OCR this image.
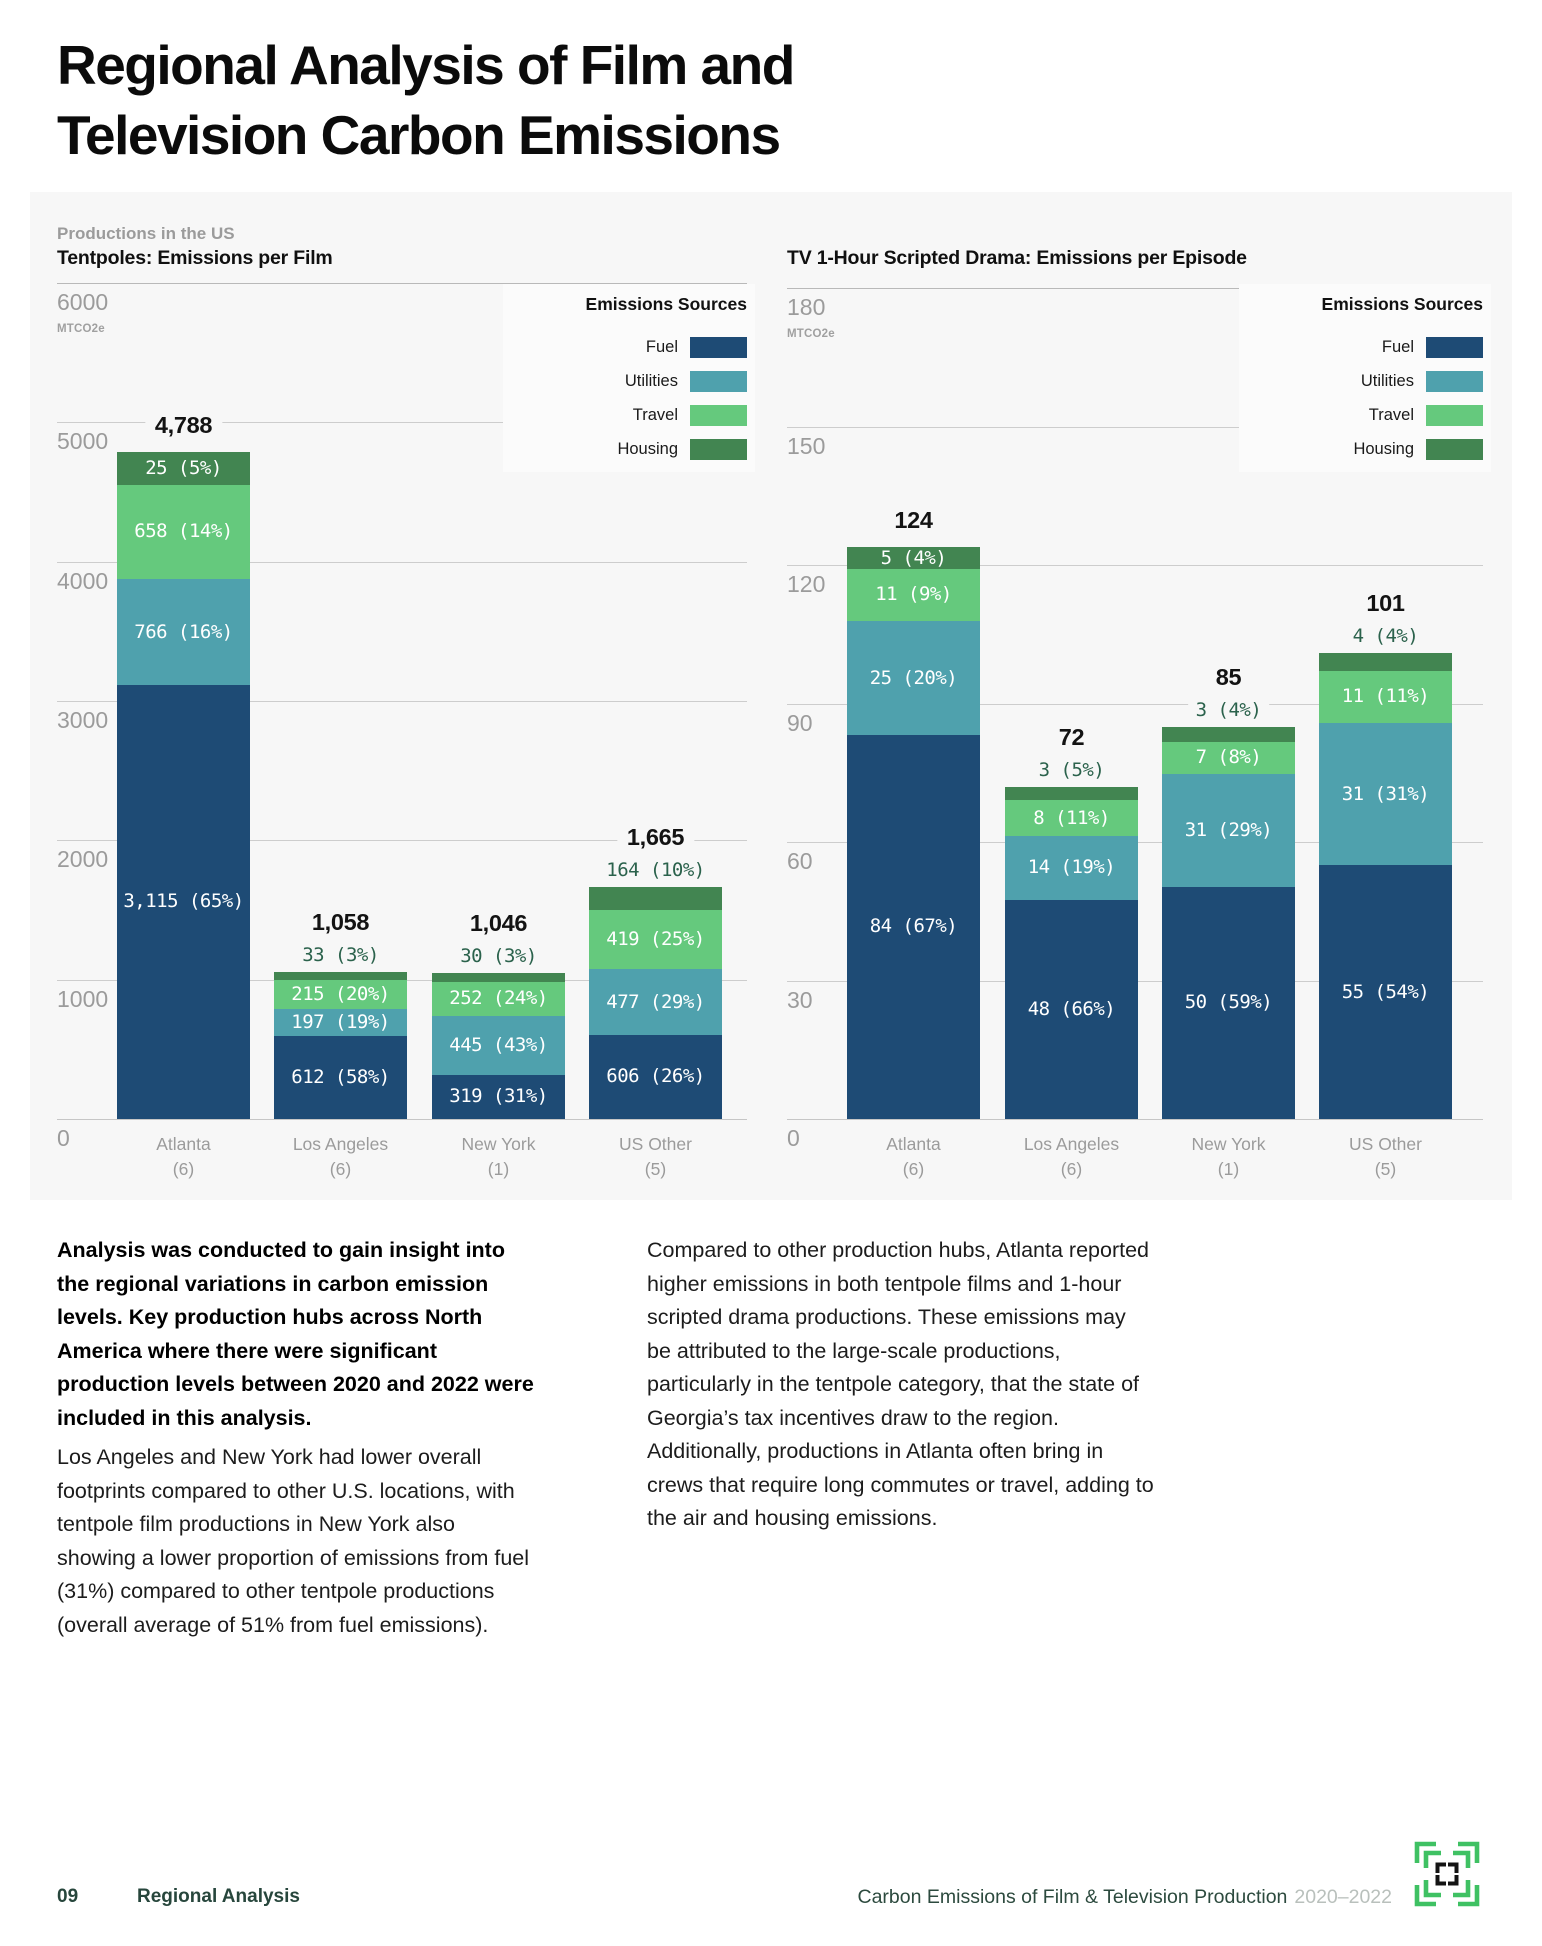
Regional Analysis of Film and
Television Carbon Emissions
Productions in the US
Tentpoles: Emissions per Film	TV 1-Hour Scripted Drama: Emissions per Episode
Analysis was conducted to gain insight into the regional variations in carbon emission levels. Key production hubs across North America where there were significant production levels between 2020 and 2022 were included in this analysis.
Los Angeles and New York had lower overall footprints compared to other U.S. locations, with tentpole film productions in New York also showing a lower proportion of emissions from fuel (31%) compared to other tentpole productions (overall average of 51% from fuel emissions).
Compared to other production hubs, Atlanta reported higher emissions in both tentpole films and 1-hour scripted drama productions. These emissions may be attributed to the large-scale productions, particularly in the tentpole category, that the state of Georgia’s tax incentives draw to the region. Additionally, productions in Atlanta often bring in crews that require long commutes or travel, adding to the air and housing emissions.
09	Regional Analysis	Carbon Emissions of Film & Television Production 2020–2022
6000
MTCO2e
5000
4000
3000
2000
1000
0
3,115 (65%)
766 (16%)
658 (14%)
25 (5%)
4,788
612 (58%)
197 (19%)
215 (20%)
1,058
33 (3%)
319 (31%)
445 (43%)
252 (24%)
1,046
30 (3%)
606 (26%)
477 (29%)
419 (25%)
1,665
164 (10%)
Atlanta
(6)
Los Angeles
(6)
New York
(1)
US Other
(5)
Emissions Sources
Fuel
Utilities
Travel
Housing
180
MTCO2e
150
120
90
60
30
0
84 (67%)
25 (20%)
11 (9%)
5 (4%)
124
48 (66%)
14 (19%)
8 (11%)
72
3 (5%)
50 (59%)
31 (29%)
7 (8%)
85
3 (4%)
55 (54%)
31 (31%)
11 (11%)
101
4 (4%)
Atlanta
(6)
Los Angeles
(6)
New York
(1)
US Other
(5)
Emissions Sources
Fuel
Utilities
Travel
Housing
